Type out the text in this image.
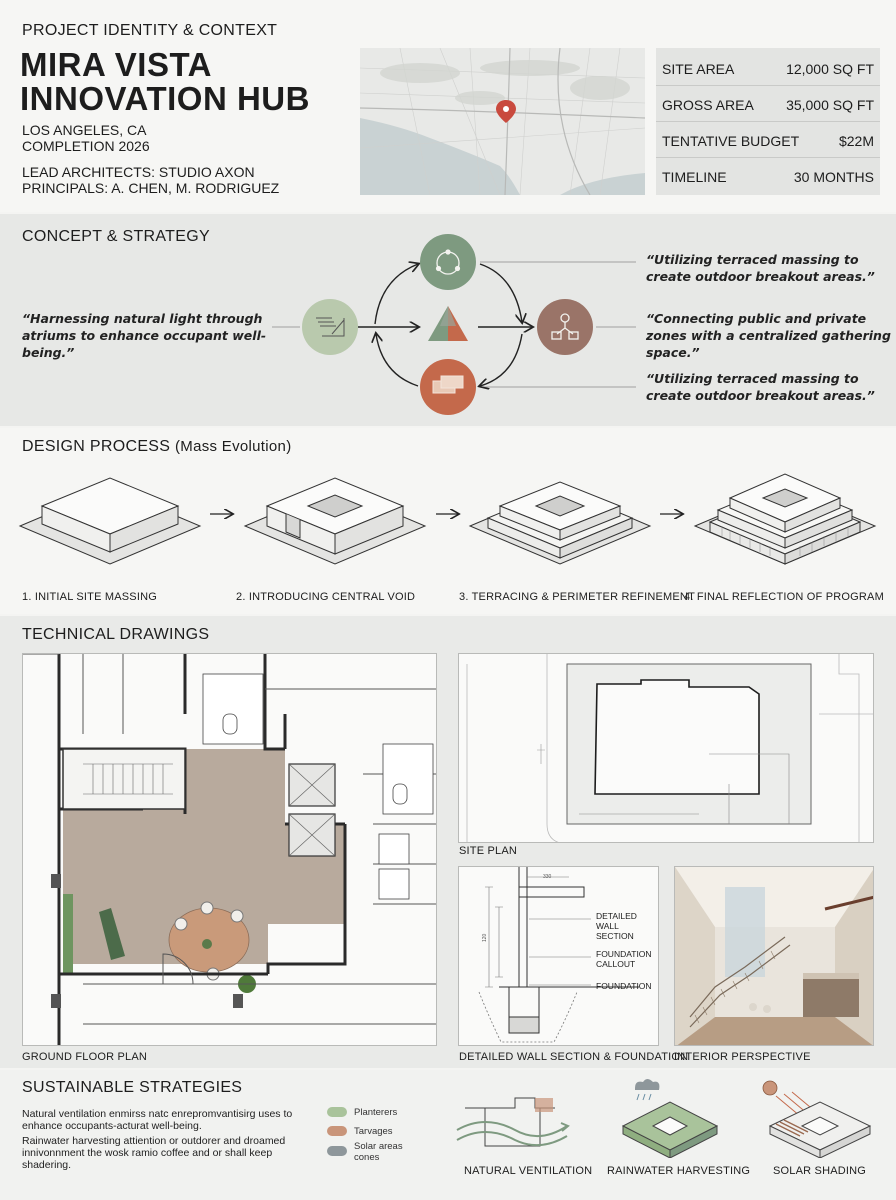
PROJECT IDENTITY & CONTEXT
MIRA VISTA
INNOVATION HUB
LOS ANGELES, CA
COMPLETION 2026
LEAD ARCHITECTS: STUDIO AXON
PRINCIPALS: A. CHEN, M. RODRIGUEZ
SITE AREA	12,000 SQ FT
GROSS AREA 35,000 SQ FT
TENTATIVE BUDGET	$22M
TIMELINE	30 MONTHS
CONCEPT & STRATEGY
“Harnessing natural light through atriums to enhance occupant well-being.”
“Utilizing terraced massing to create outdoor breakout areas.”
“Connecting public and private zones with a centralized gathering space.”
“Utilizing terraced massing to create outdoor breakout areas.”
DESIGN PROCESS (Mass Evolution)
1. INITIAL SITE MASSING	2. INTRODUCING CENTRAL VOID	3. TERRACING & PERIMETER REFINEMENT
4. FINAL REFLECTION OF PROGRAM
TECHNICAL DRAWINGS
GROUND FLOOR PLAN
SITE PLAN
330
120
DETAILED
WALL SECTION
FOUNDATION
CALLOUT
FOUNDATION
DETAILED WALL SECTION & FOUNDATION
INTERIOR PERSPECTIVE
SUSTAINABLE STRATEGIES
Natural ventilation enmirss natc enrepromvantisirg uses to
enhance occupants-acturat well-being.
Rainwater harvesting attiention or outdorer and droamed
innivonnment the wosk ramio coffee and or shall keep
shadering.
Planterers
Tarvages
Solar areas
cones
NATURAL VENTILATION RAINWATER HARVESTING SOLAR SHADING
